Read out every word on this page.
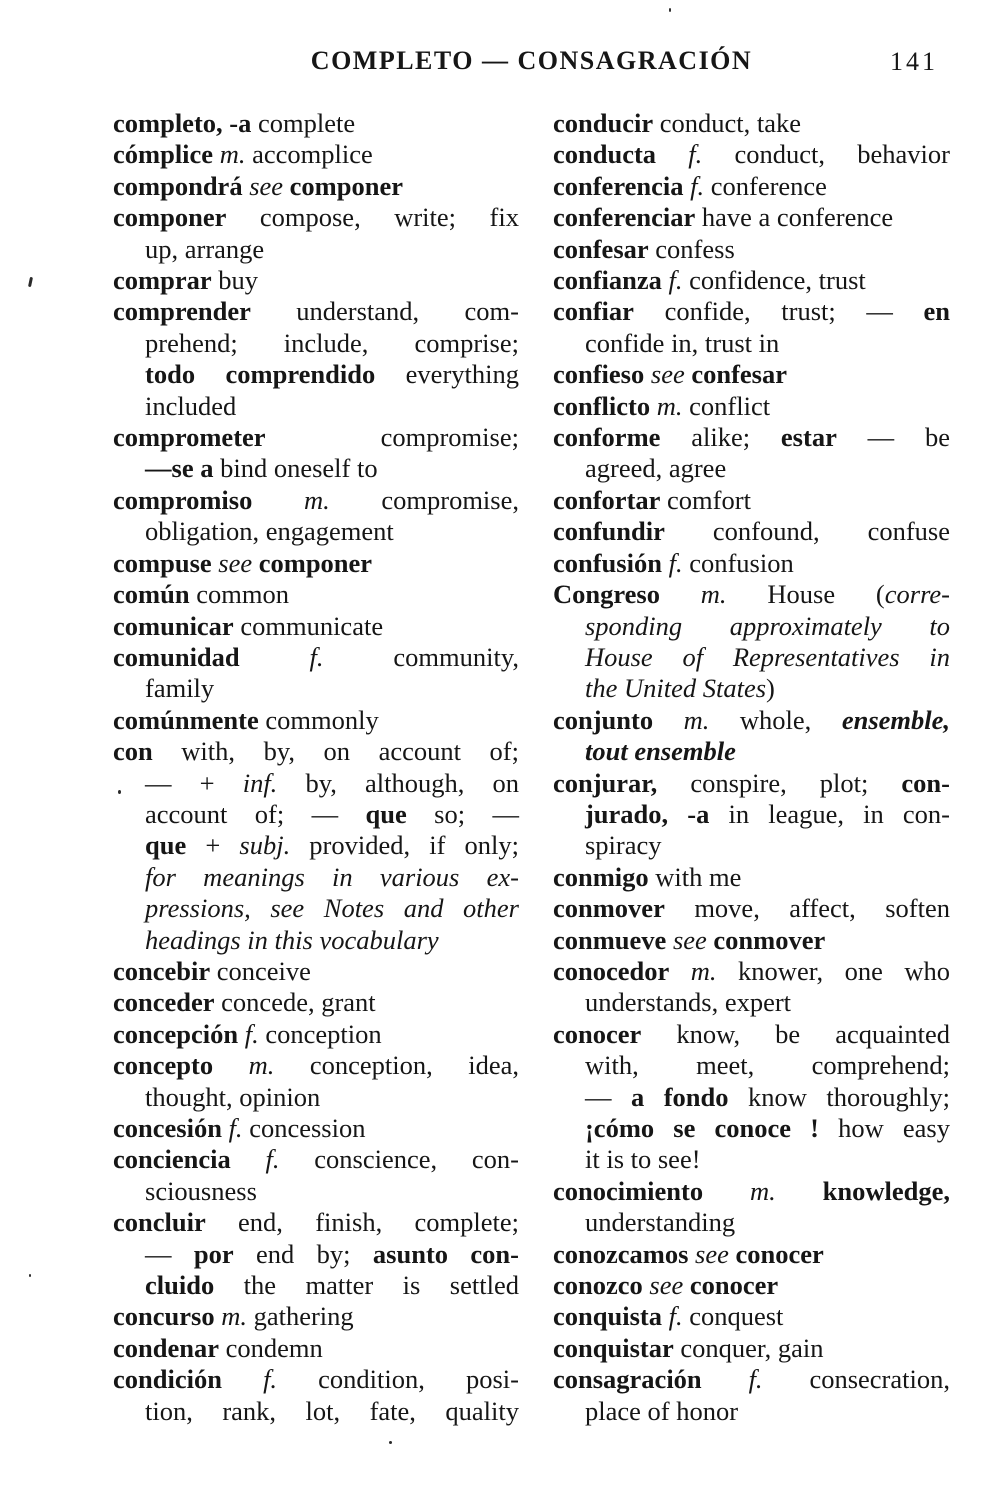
COMPLETO — CONSAGRACIÓN	141
completo, -a complete
cómplice m. accomplice
compondrá see componer
componer compose, write; fix
up, arrange
comprar buy
comprender understand, com-
prehend; include, comprise;
todo comprendido everything
included
comprometer compromise;
—se a bind oneself to
compromiso m. compromise,
obligation, engagement
compuse see componer
común common
comunicar communicate
comunidad	f. community,
family
comúnmente commonly
con with, by, on account of;
— + inf. by, although, on
account of; — que so; —
que + subj. provided, if only;
for meanings in various ex-
pressions, see Notes and other
headings in this vocabulary
concebir conceive
conceder concede, grant
concepción f. conception
concepto m. conception, idea,
thought, opinion
concesión f. concession
conciencia f. conscience, con-
sciousness
concluir end, finish, complete;
— por end by; asunto con-
cluido the matter is settled
concurso m. gathering
condenar condemn
condición f. condition, posi-
tion, rank, lot, fate, quality
conducir conduct, take
conducta f. conduct, behavior
conferencia f. conference
conferenciar have a conference
confesar confess
confianza f. confidence, trust
confiar confide, trust; — en
confide in, trust in
confieso see confesar
conflicto m. conflict
conforme alike; estar — be
agreed, agree
confortar comfort
confundir confound, confuse
confusión f. confusion
Congreso m. House (corre-
sponding approximately to
House of Representatives in
the United States)
conjunto m. whole, ensemble,
tout ensemble
conjurar, conspire, plot; con-
jurado, -a in league, in con-
spiracy
conmigo with me
conmover move, affect, soften
conmueve see conmover
conocedor m. knower, one who
understands, expert
conocer know, be acquainted
with, meet, comprehend;
— a fondo know thoroughly;
¡cómo se conoce ! how easy
it is to see!
conocimiento m. knowledge,
understanding
conozcamos see conocer
conozco see conocer
conquista f. conquest
conquistar conquer, gain
consagración f. consecration,
place of honor
